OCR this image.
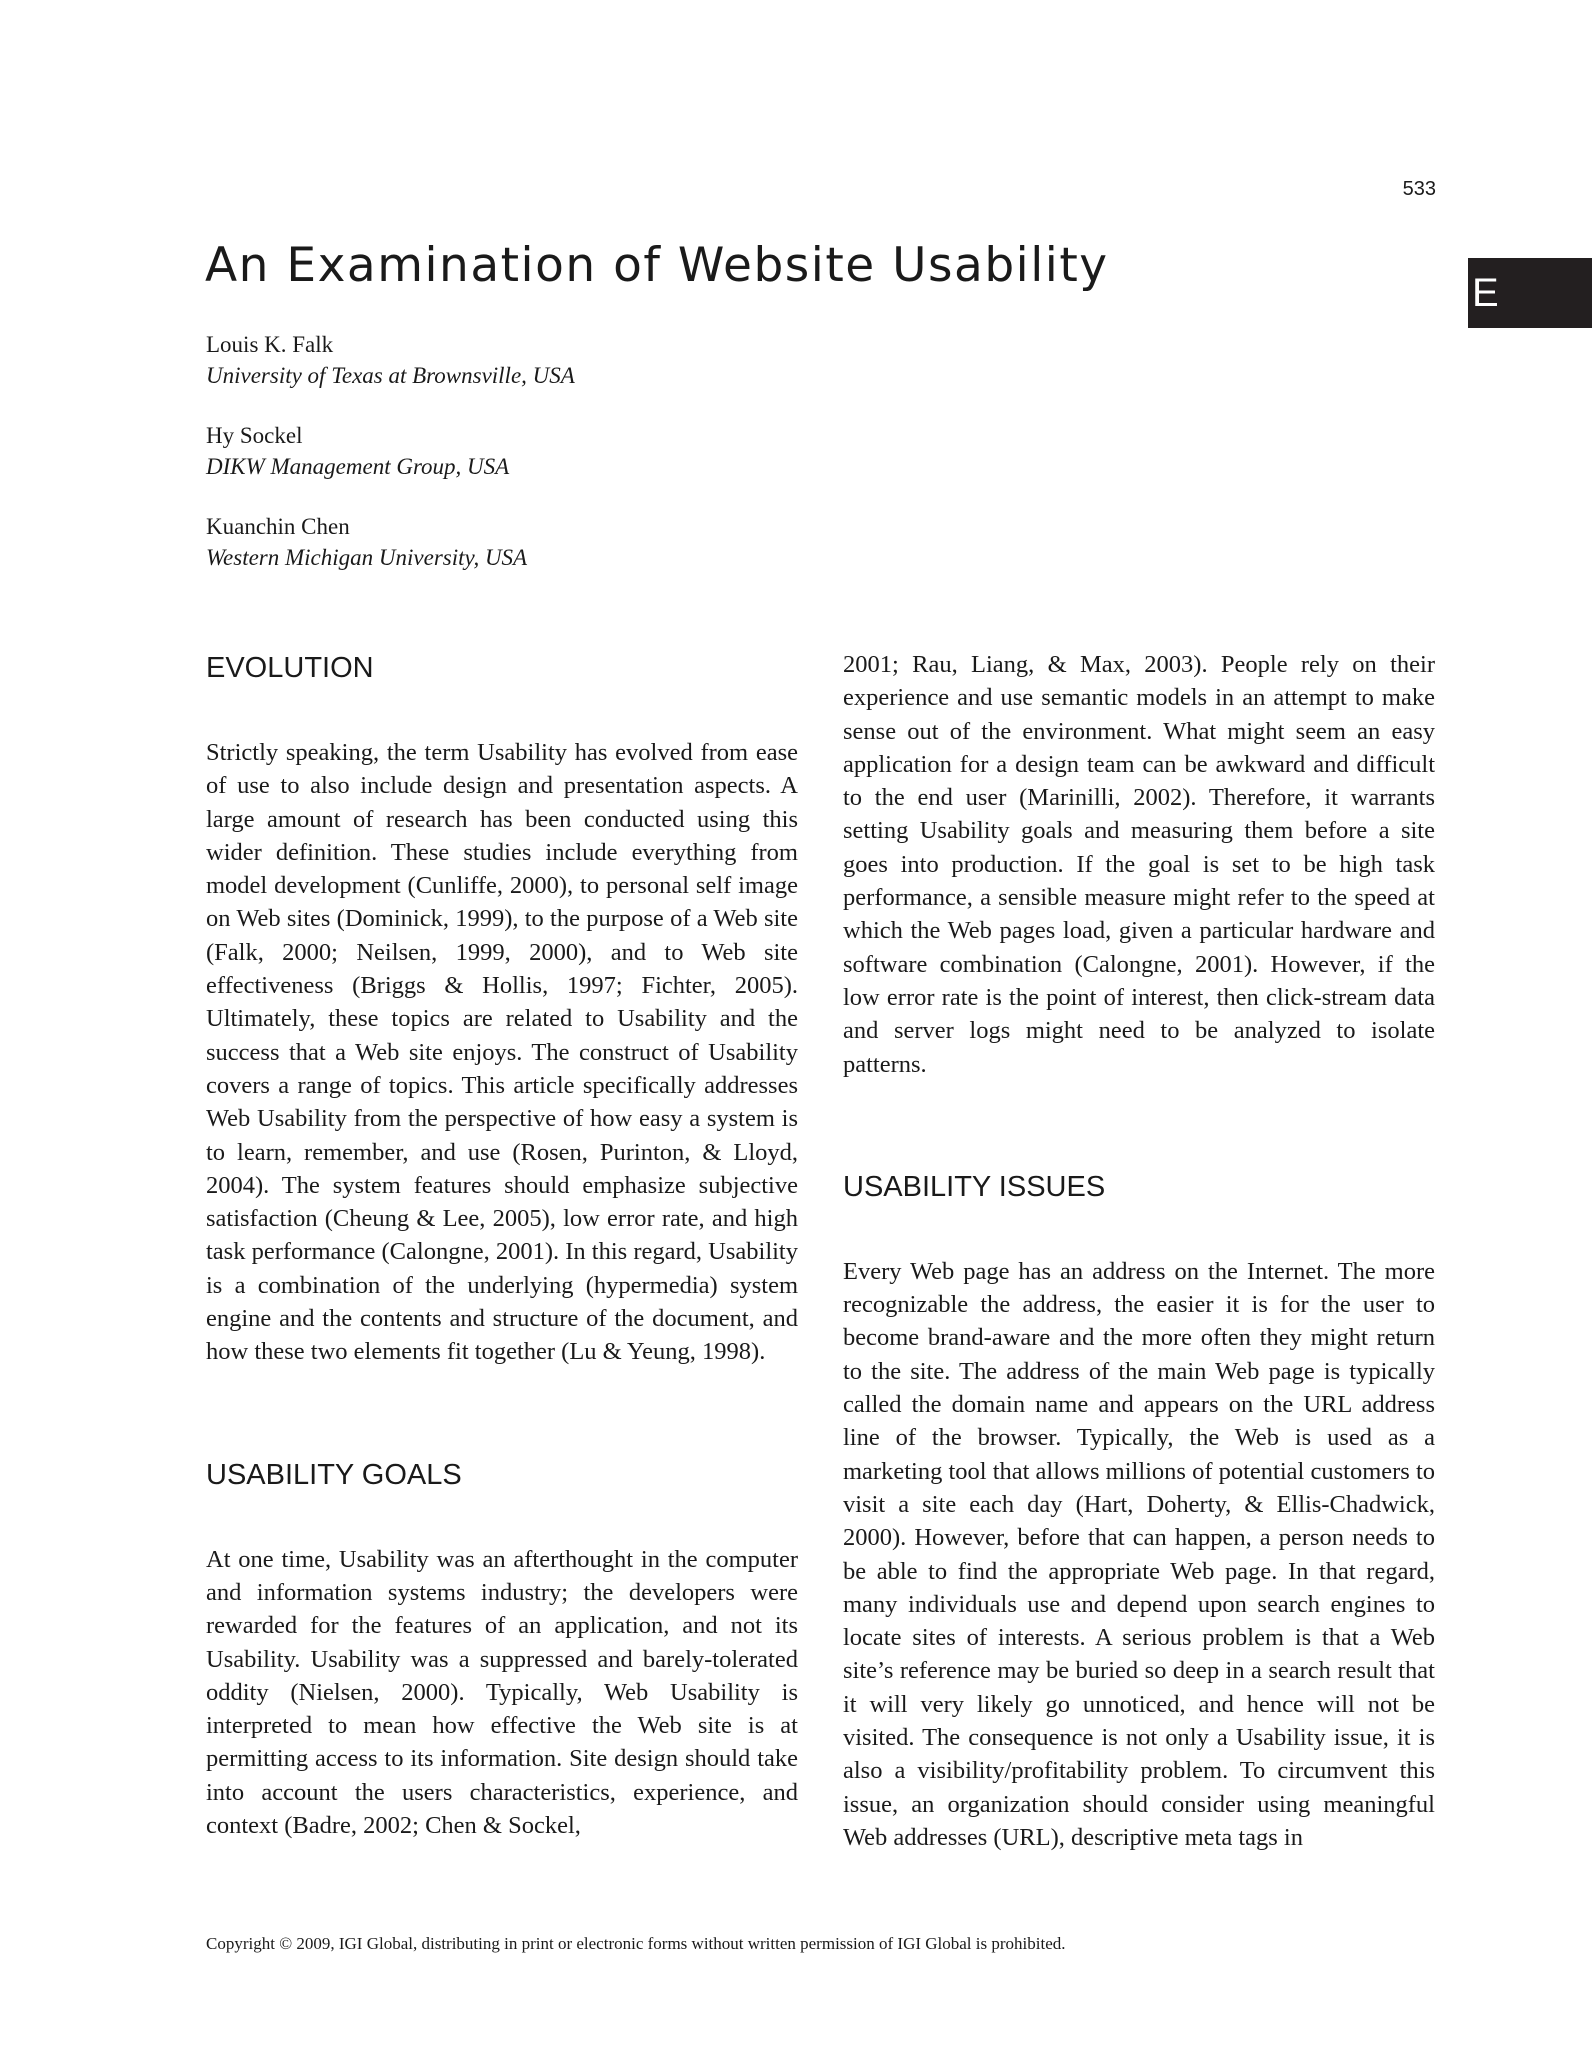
533
E
An Examination of Website Usability
Louis K. Falk
University of Texas at Brownsville, USA
Hy Sockel
DIKW Management Group, USA
Kuanchin Chen
Western Michigan University, USA
EVOLUTION

Strictly speaking, the term Usability has evolved from ease of use to also include design and presentation aspects. A large amount of research has been conducted using this wider definition. These studies include everything from model development (Cunliffe, 2000), to personal self image on Web sites (Dominick, 1999), to the purpose of a Web site (Falk, 2000; Neilsen, 1999, 2000), and to Web site effectiveness (Briggs & Hollis, 1997; Fichter, 2005). Ultimately, these topics are related to Usability and the success that a Web site enjoys. The construct of Usability covers a range of topics. This article specifically addresses Web Usability from the perspective of how easy a system is to learn, remember, and use (Rosen, Purinton, & Lloyd, 2004). The system features should emphasize subjective satisfaction (Cheung & Lee, 2005), low error rate, and high task performance (Calongne, 2001). In this regard, Usability is a combination of the underlying (hypermedia) system engine and the contents and structure of the document, and how these two elements fit together (Lu & Yeung, 1998).

USABILITY GOALS

At one time, Usability was an afterthought in the computer and information systems industry; the developers were rewarded for the features of an application, and not its Usability. Usability was a suppressed and barely-tolerated oddity (Nielsen, 2000). Typically, Web Usability is interpreted to mean how effective the Web site is at permitting access to its information. Site design should take into account the users characteristics, experience, and context (Badre, 2002; Chen & Sockel,

2001; Rau, Liang, & Max, 2003). People rely on their experience and use semantic models in an attempt to make sense out of the environment. What might seem an easy application for a design team can be awkward and difficult to the end user (Marinilli, 2002). Therefore, it warrants setting Usability goals and measuring them before a site goes into production. If the goal is set to be high task performance, a sensible measure might refer to the speed at which the Web pages load, given a particular hardware and software combination (Calongne, 2001). However, if the low error rate is the point of interest, then click-stream data and server logs might need to be analyzed to isolate patterns.

USABILITY ISSUES

Every Web page has an address on the Internet. The more recognizable the address, the easier it is for the user to become brand-aware and the more often they might return to the site. The address of the main Web page is typically called the domain name and appears on the URL address line of the browser. Typically, the Web is used as a marketing tool that allows millions of potential customers to visit a site each day (Hart, Doherty, & Ellis-Chadwick, 2000). However, before that can happen, a person needs to be able to find the appropriate Web page. In that regard, many individuals use and depend upon search engines to locate sites of interests. A serious problem is that a Web site’s reference may be buried so deep in a search result that it will very likely go unnoticed, and hence will not be visited. The consequence is not only a Usability issue, it is also a visibility/profitability problem. To circumvent this issue, an organization should consider using meaningful Web addresses (URL), descriptive meta tags in

Copyright © 2009, IGI Global, distributing in print or electronic forms without written permission of IGI Global is prohibited.
